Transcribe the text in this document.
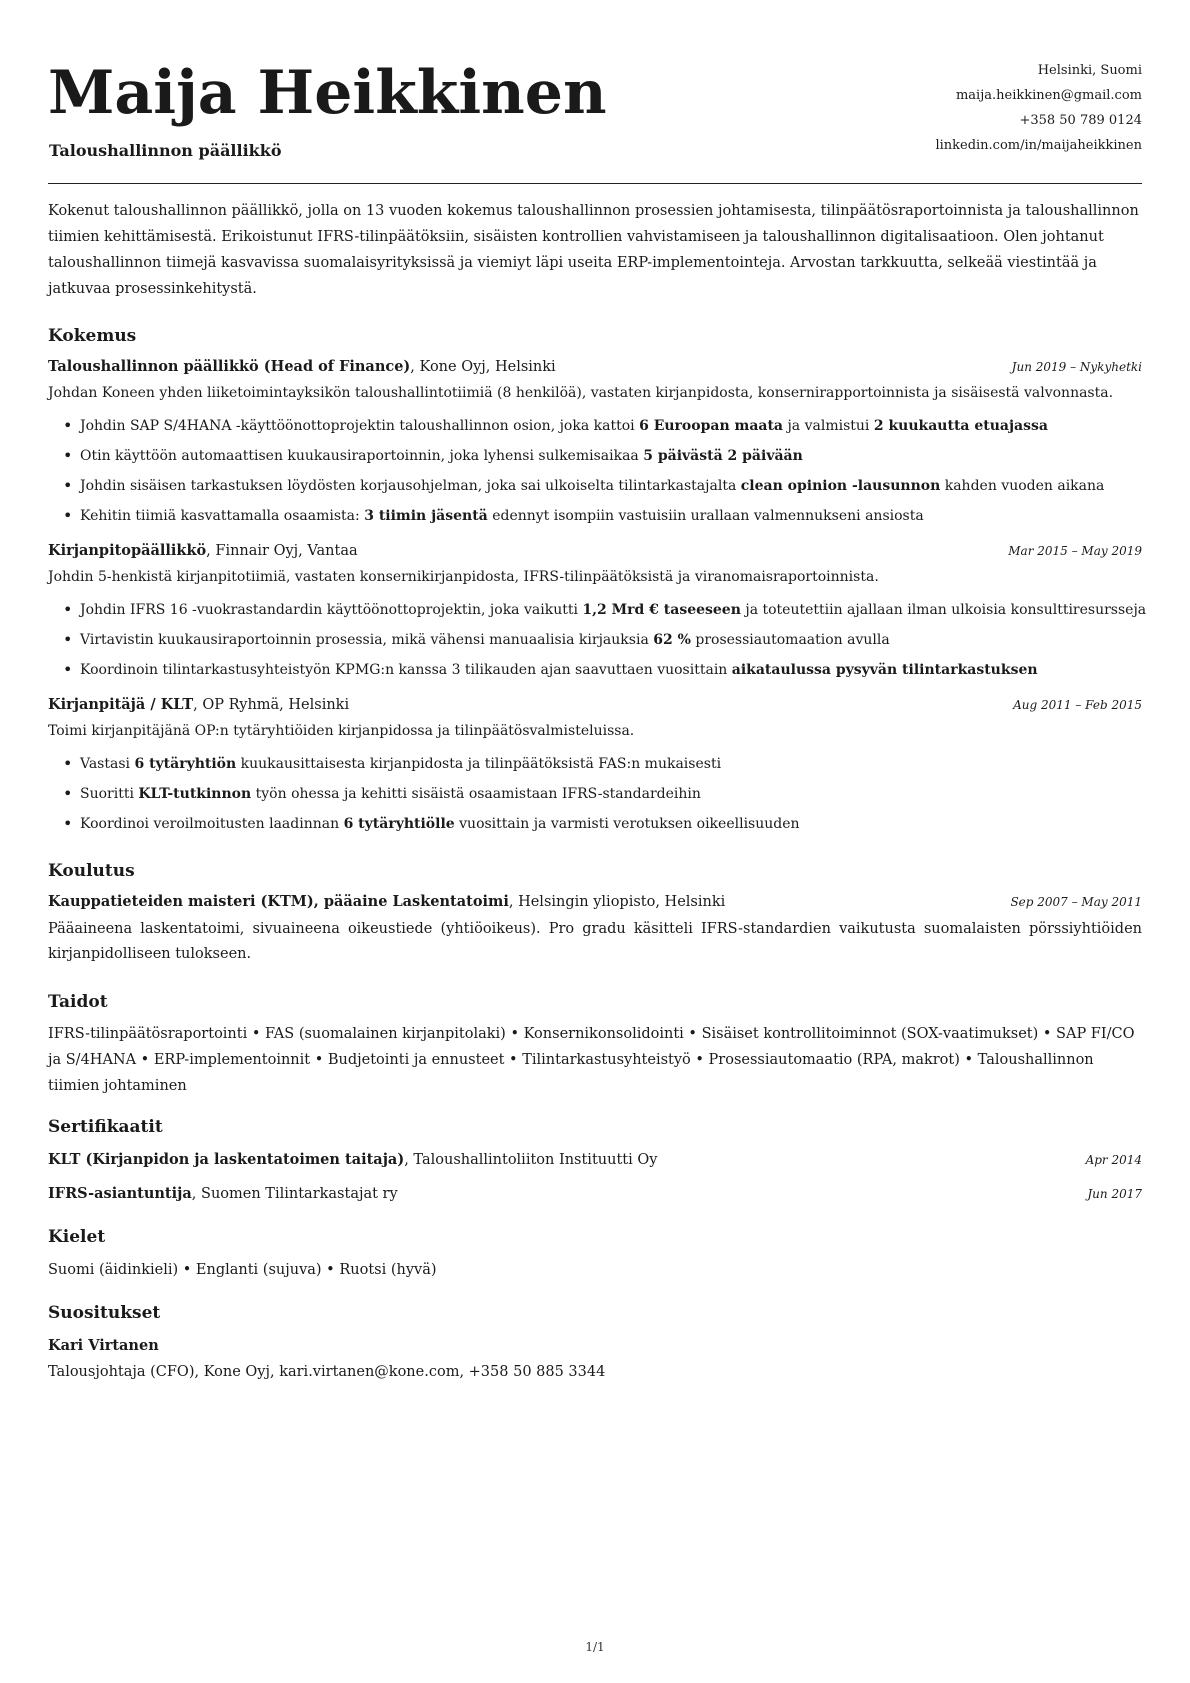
Maija Heikkinen
Taloushallinnon päällikkö
Helsinki, Suomi
maija.heikkinen@gmail.com
+358 50 789 0124
linkedin.com/in/maijaheikkinen

Kokenut taloushallinnon päällikkö, jolla on 13 vuoden kokemus taloushallinnon prosessien johtamisesta, tilinpäätösraportoinnista ja taloushallinnon tiimien kehittämisestä. Erikoistunut IFRS-tilinpäätöksiin, sisäisten kontrollien vahvistamiseen ja taloushallinnon digitalisaatioon. Olen johtanut taloushallinnon tiimejä kasvavissa suomalaisyrityksissä ja viemiyt läpi useita ERP-implementointeja. Arvostan tarkkuutta, selkeää viestintää ja jatkuvaa prosessinkehitystä.

Kokemus
Taloushallinnon päällikkö (Head of Finance), Kone Oyj, Helsinki	Jun 2019 – Nykyhetki

Johdan Koneen yhden liiketoimintayksikön taloushallintotiimiä (8 henkilöä), vastaten kirjanpidosta, konsernirapportoinnista ja sisäisestä valvonnasta.

• Johdin SAP S/4HANA -käyttöönottoprojektin taloushallinnon osion, joka kattoi 6 Euroopan maata ja valmistui 2 kuukautta etuajassa
• Otin käyttöön automaattisen kuukausiraportoinnin, joka lyhensi sulkemisaikaa 5 päivästä 2 päivään
• Johdin sisäisen tarkastuksen löydösten korjausohjelman, joka sai ulkoiselta tilintarkastajalta clean opinion -lausunnon kahden vuoden aikana
• Kehitin tiimiä kasvattamalla osaamista: 3 tiimin jäsentä edennyt isompiin vastuisiin urallaan valmennukseni ansiosta
Kirjanpitopäällikkö, Finnair Oyj, Vantaa	Mar 2015 – May 2019

Johdin 5-henkistä kirjanpitotiimiä, vastaten konsernikirjanpidosta, IFRS-tilinpäätöksistä ja viranomaisraportoinnista.

• Johdin IFRS 16 -vuokrastandardin käyttöönottoprojektin, joka vaikutti 1,2 Mrd € taseeseen ja toteutettiin ajallaan ilman ulkoisia konsulttiresursseja
• Virtavistin kuukausiraportoinnin prosessia, mikä vähensi manuaalisia kirjauksia 62 % prosessiautomaation avulla
• Koordinoin tilintarkastusyhteistyön KPMG:n kanssa 3 tilikauden ajan saavuttaen vuosittain aikataulussa pysyvän tilintarkastuksen
Kirjanpitäjä / KLT, OP Ryhmä, Helsinki	Aug 2011 – Feb 2015

Toimi kirjanpitäjänä OP:n tytäryhtiöiden kirjanpidossa ja tilinpäätösvalmisteluissa.

• Vastasi 6 tytäryhtiön kuukausittaisesta kirjanpidosta ja tilinpäätöksistä FAS:n mukaisesti
• Suoritti KLT-tutkinnon työn ohessa ja kehitti sisäistä osaamistaan IFRS-standardeihin
• Koordinoi veroilmoitusten laadinnan 6 tytäryhtiölle vuosittain ja varmisti verotuksen oikeellisuuden
Koulutus
Kauppatieteiden maisteri (KTM), pääaine Laskentatoimi, Helsingin yliopisto, Helsinki	Sep 2007 – May 2011

Pääaineena laskentatoimi, sivuaineena oikeustiede (yhtiöoikeus). Pro gradu käsitteli IFRS-standardien vaikutusta suomalaisten pörssiyhtiöiden kirjanpidolliseen tulokseen.

Taidot

IFRS-tilinpäätösraportointi • FAS (suomalainen kirjanpitolaki) • Konsernikonsolidointi • Sisäiset kontrollitoiminnot (SOX-vaatimukset) • SAP FI/CO ja S/4HANA • ERP-implementoinnit • Budjetointi ja ennusteet • Tilintarkastusyhteistyö • Prosessiautomaatio (RPA, makrot) • Taloushallinnon tiimien johtaminen

Sertifikaatit
KLT (Kirjanpidon ja laskentatoimen taitaja), Taloushallintoliiton Instituutti Oy	Apr 2014
IFRS-asiantuntija, Suomen Tilintarkastajat ry	Jun 2017
Kielet
Suomi (äidinkieli) • Englanti (sujuva) • Ruotsi (hyvä)
Suositukset
Kari Virtanen
Talousjohtaja (CFO), Kone Oyj, kari.virtanen@kone.com, +358 50 885 3344
1/1
